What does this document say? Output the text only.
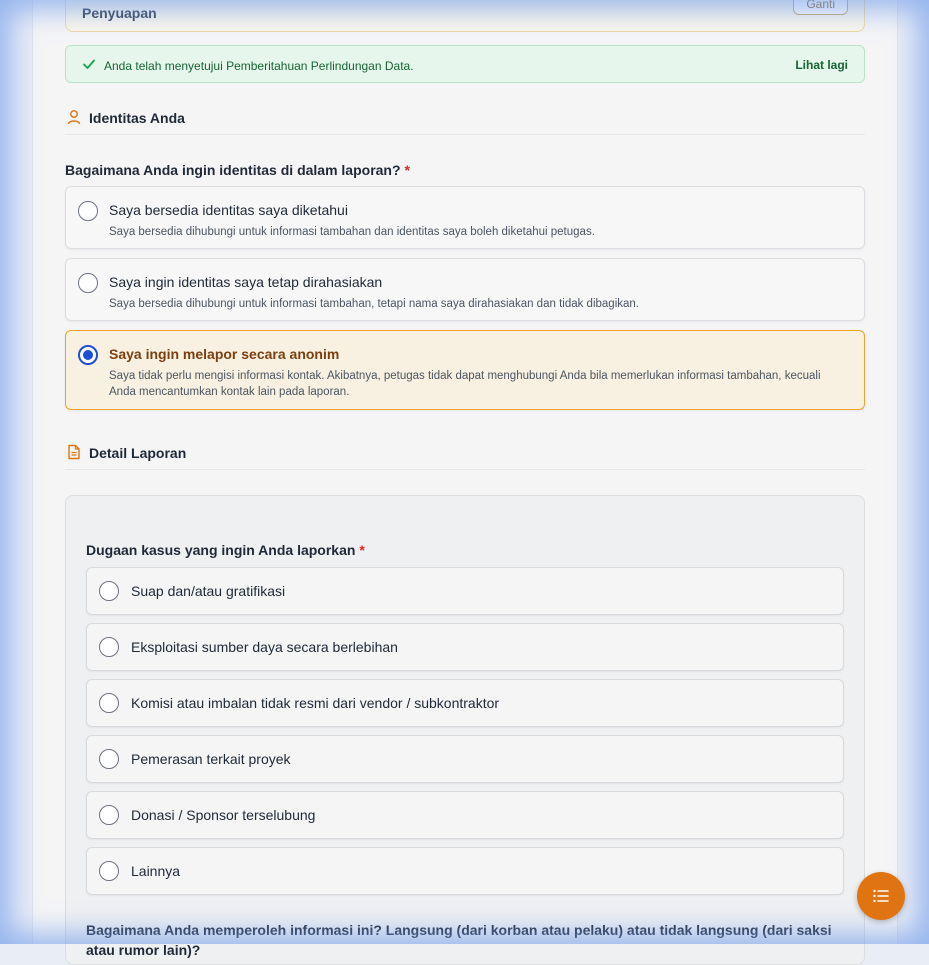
Penyuapan
Ganti
Anda telah menyetujui Pemberitahuan Perlindungan Data.	Lihat lagi
Identitas Anda
Bagaimana Anda ingin identitas di dalam laporan? *
Saya bersedia identitas saya diketahui
Saya bersedia dihubungi untuk informasi tambahan dan identitas saya boleh diketahui petugas.
Saya ingin identitas saya tetap dirahasiakan
Saya bersedia dihubungi untuk informasi tambahan, tetapi nama saya dirahasiakan dan tidak dibagikan.
Saya ingin melapor secara anonim
Saya tidak perlu mengisi informasi kontak. Akibatnya, petugas tidak dapat menghubungi Anda bila memerlukan informasi tambahan, kecuali Anda mencantumkan kontak lain pada laporan.
Detail Laporan
Dugaan kasus yang ingin Anda laporkan *
Suap dan/atau gratifikasi
Eksploitasi sumber daya secara berlebihan
Komisi atau imbalan tidak resmi dari vendor / subkontraktor
Pemerasan terkait proyek
Donasi / Sponsor terselubung
Lainnya
Bagaimana Anda memperoleh informasi ini? Langsung (dari korban atau pelaku) atau tidak langsung (dari saksi atau rumor lain)?
